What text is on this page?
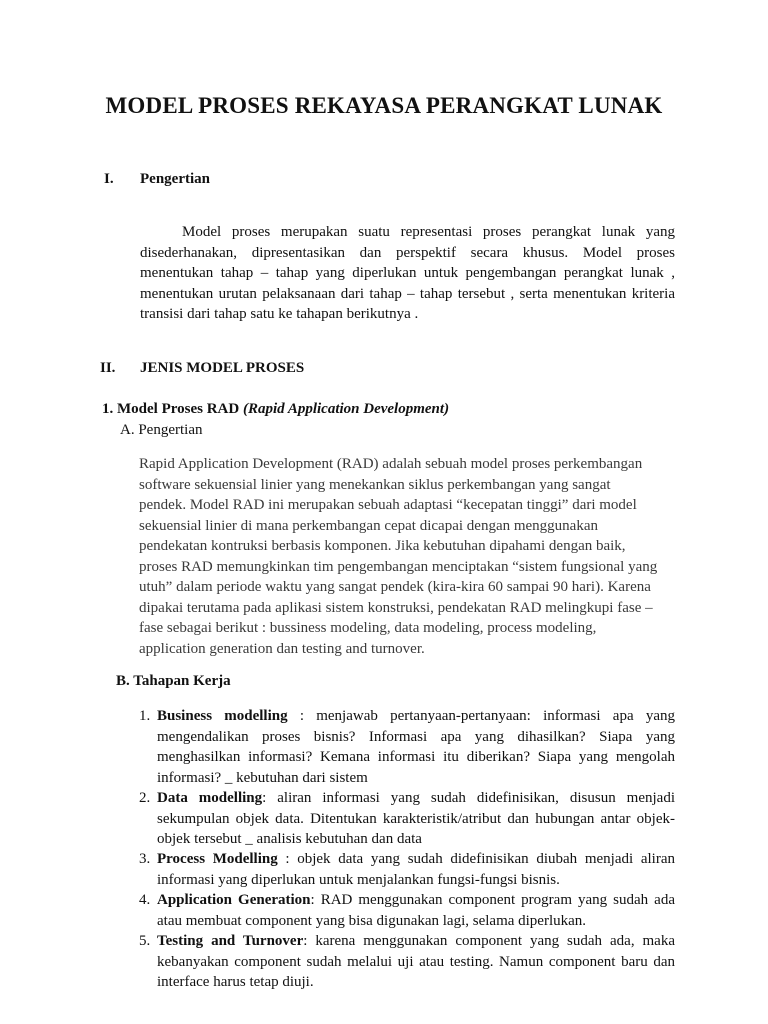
MODEL PROSES REKAYASA PERANGKAT LUNAK
I. Pengertian
Model proses merupakan suatu representasi proses perangkat lunak yang disederhanakan, dipresentasikan dan perspektif secara khusus. Model proses menentukan tahap – tahap yang diperlukan untuk pengembangan perangkat lunak , menentukan urutan pelaksanaan dari tahap – tahap tersebut , serta menentukan kriteria transisi dari tahap satu ke tahapan berikutnya .
II. JENIS MODEL PROSES
1. Model Proses RAD (Rapid Application Development)
A. Pengertian
Rapid Application Development (RAD) adalah sebuah model proses perkembangan
software sekuensial linier yang menekankan siklus perkembangan yang sangat
pendek. Model RAD ini merupakan sebuah adaptasi “kecepatan tinggi” dari model
sekuensial linier di mana perkembangan cepat dicapai dengan menggunakan
pendekatan kontruksi berbasis komponen. Jika kebutuhan dipahami dengan baik,
proses RAD memungkinkan tim pengembangan menciptakan “sistem fungsional yang
utuh” dalam periode waktu yang sangat pendek (kira-kira 60 sampai 90 hari). Karena
dipakai terutama pada aplikasi sistem konstruksi, pendekatan RAD melingkupi fase –
fase sebagai berikut : bussiness modeling, data modeling, process modeling,
application generation dan testing and turnover.
B. Tahapan Kerja
1. Business modelling : menjawab pertanyaan-pertanyaan: informasi apa yang mengendalikan proses bisnis? Informasi apa yang dihasilkan? Siapa yang menghasilkan informasi? Kemana informasi itu diberikan? Siapa yang mengolah informasi? _ kebutuhan dari sistem
2. Data modelling: aliran informasi yang sudah didefinisikan, disusun menjadi sekumpulan objek data. Ditentukan karakteristik/atribut dan hubungan antar objek-objek tersebut _ analisis kebutuhan dan data
3. Process Modelling : objek data yang sudah didefinisikan diubah menjadi aliran informasi yang diperlukan untuk menjalankan fungsi-fungsi bisnis.
4. Application Generation: RAD menggunakan component program yang sudah ada atau membuat component yang bisa digunakan lagi, selama diperlukan.
5. Testing and Turnover: karena menggunakan component yang sudah ada, maka kebanyakan component sudah melalui uji atau testing. Namun component baru dan interface harus tetap diuji.
